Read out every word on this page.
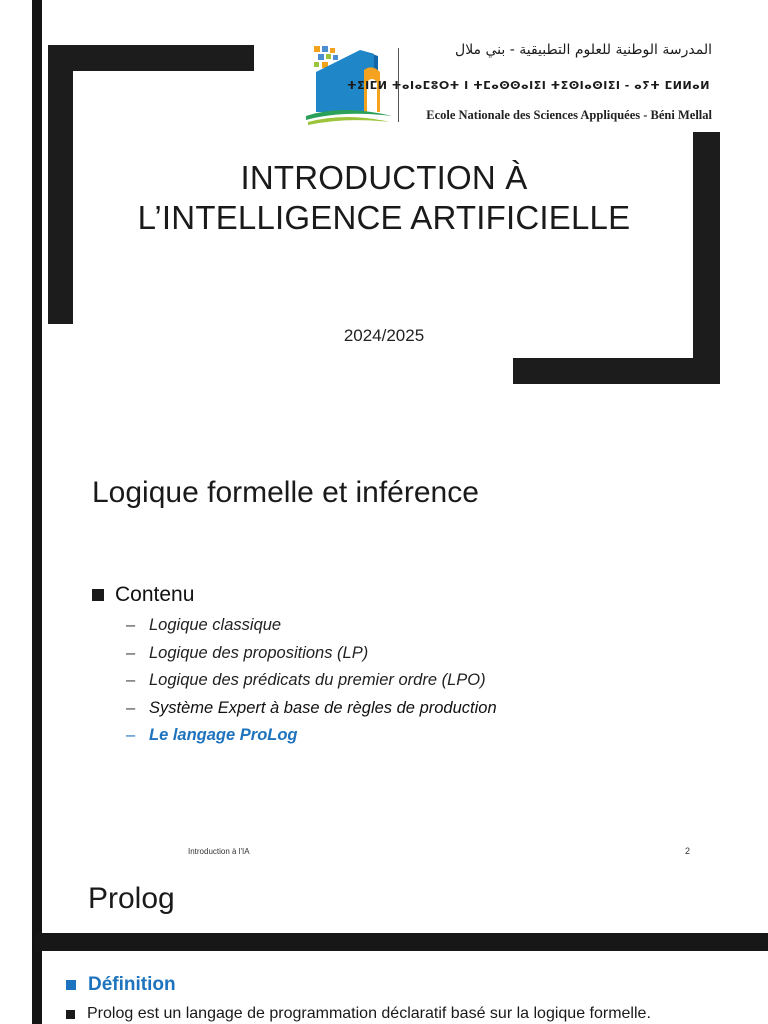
المدرسة الوطنية للعلوم التطبيقية - بني ملال
ⵜⵉⵏⵎⵍ ⵜⴰⵏⴰⵎⵓⵔⵜ ⵏ ⵜⵎⴰⵙⵙⴰⵏⵉⵏ ⵜⵉⵙⵏⴰⵙⵏⵉⵏ - ⴰⵢⵜ ⵎⵍⵍⴰⵍ
Ecole Nationale des Sciences Appliquées - Béni Mellal
INTRODUCTION À
L’INTELLIGENCE ARTIFICIELLE
2024/2025
Logique formelle et inférence
Contenu
– Logique classique
– Logique des propositions (LP)
– Logique des prédicats du premier ordre (LPO)
– Système Expert à base de règles de production
– Le langage ProLog
Introduction à l'IA	2
Prolog
Définition
Prolog est un langage de programmation déclaratif basé sur la logique formelle.
